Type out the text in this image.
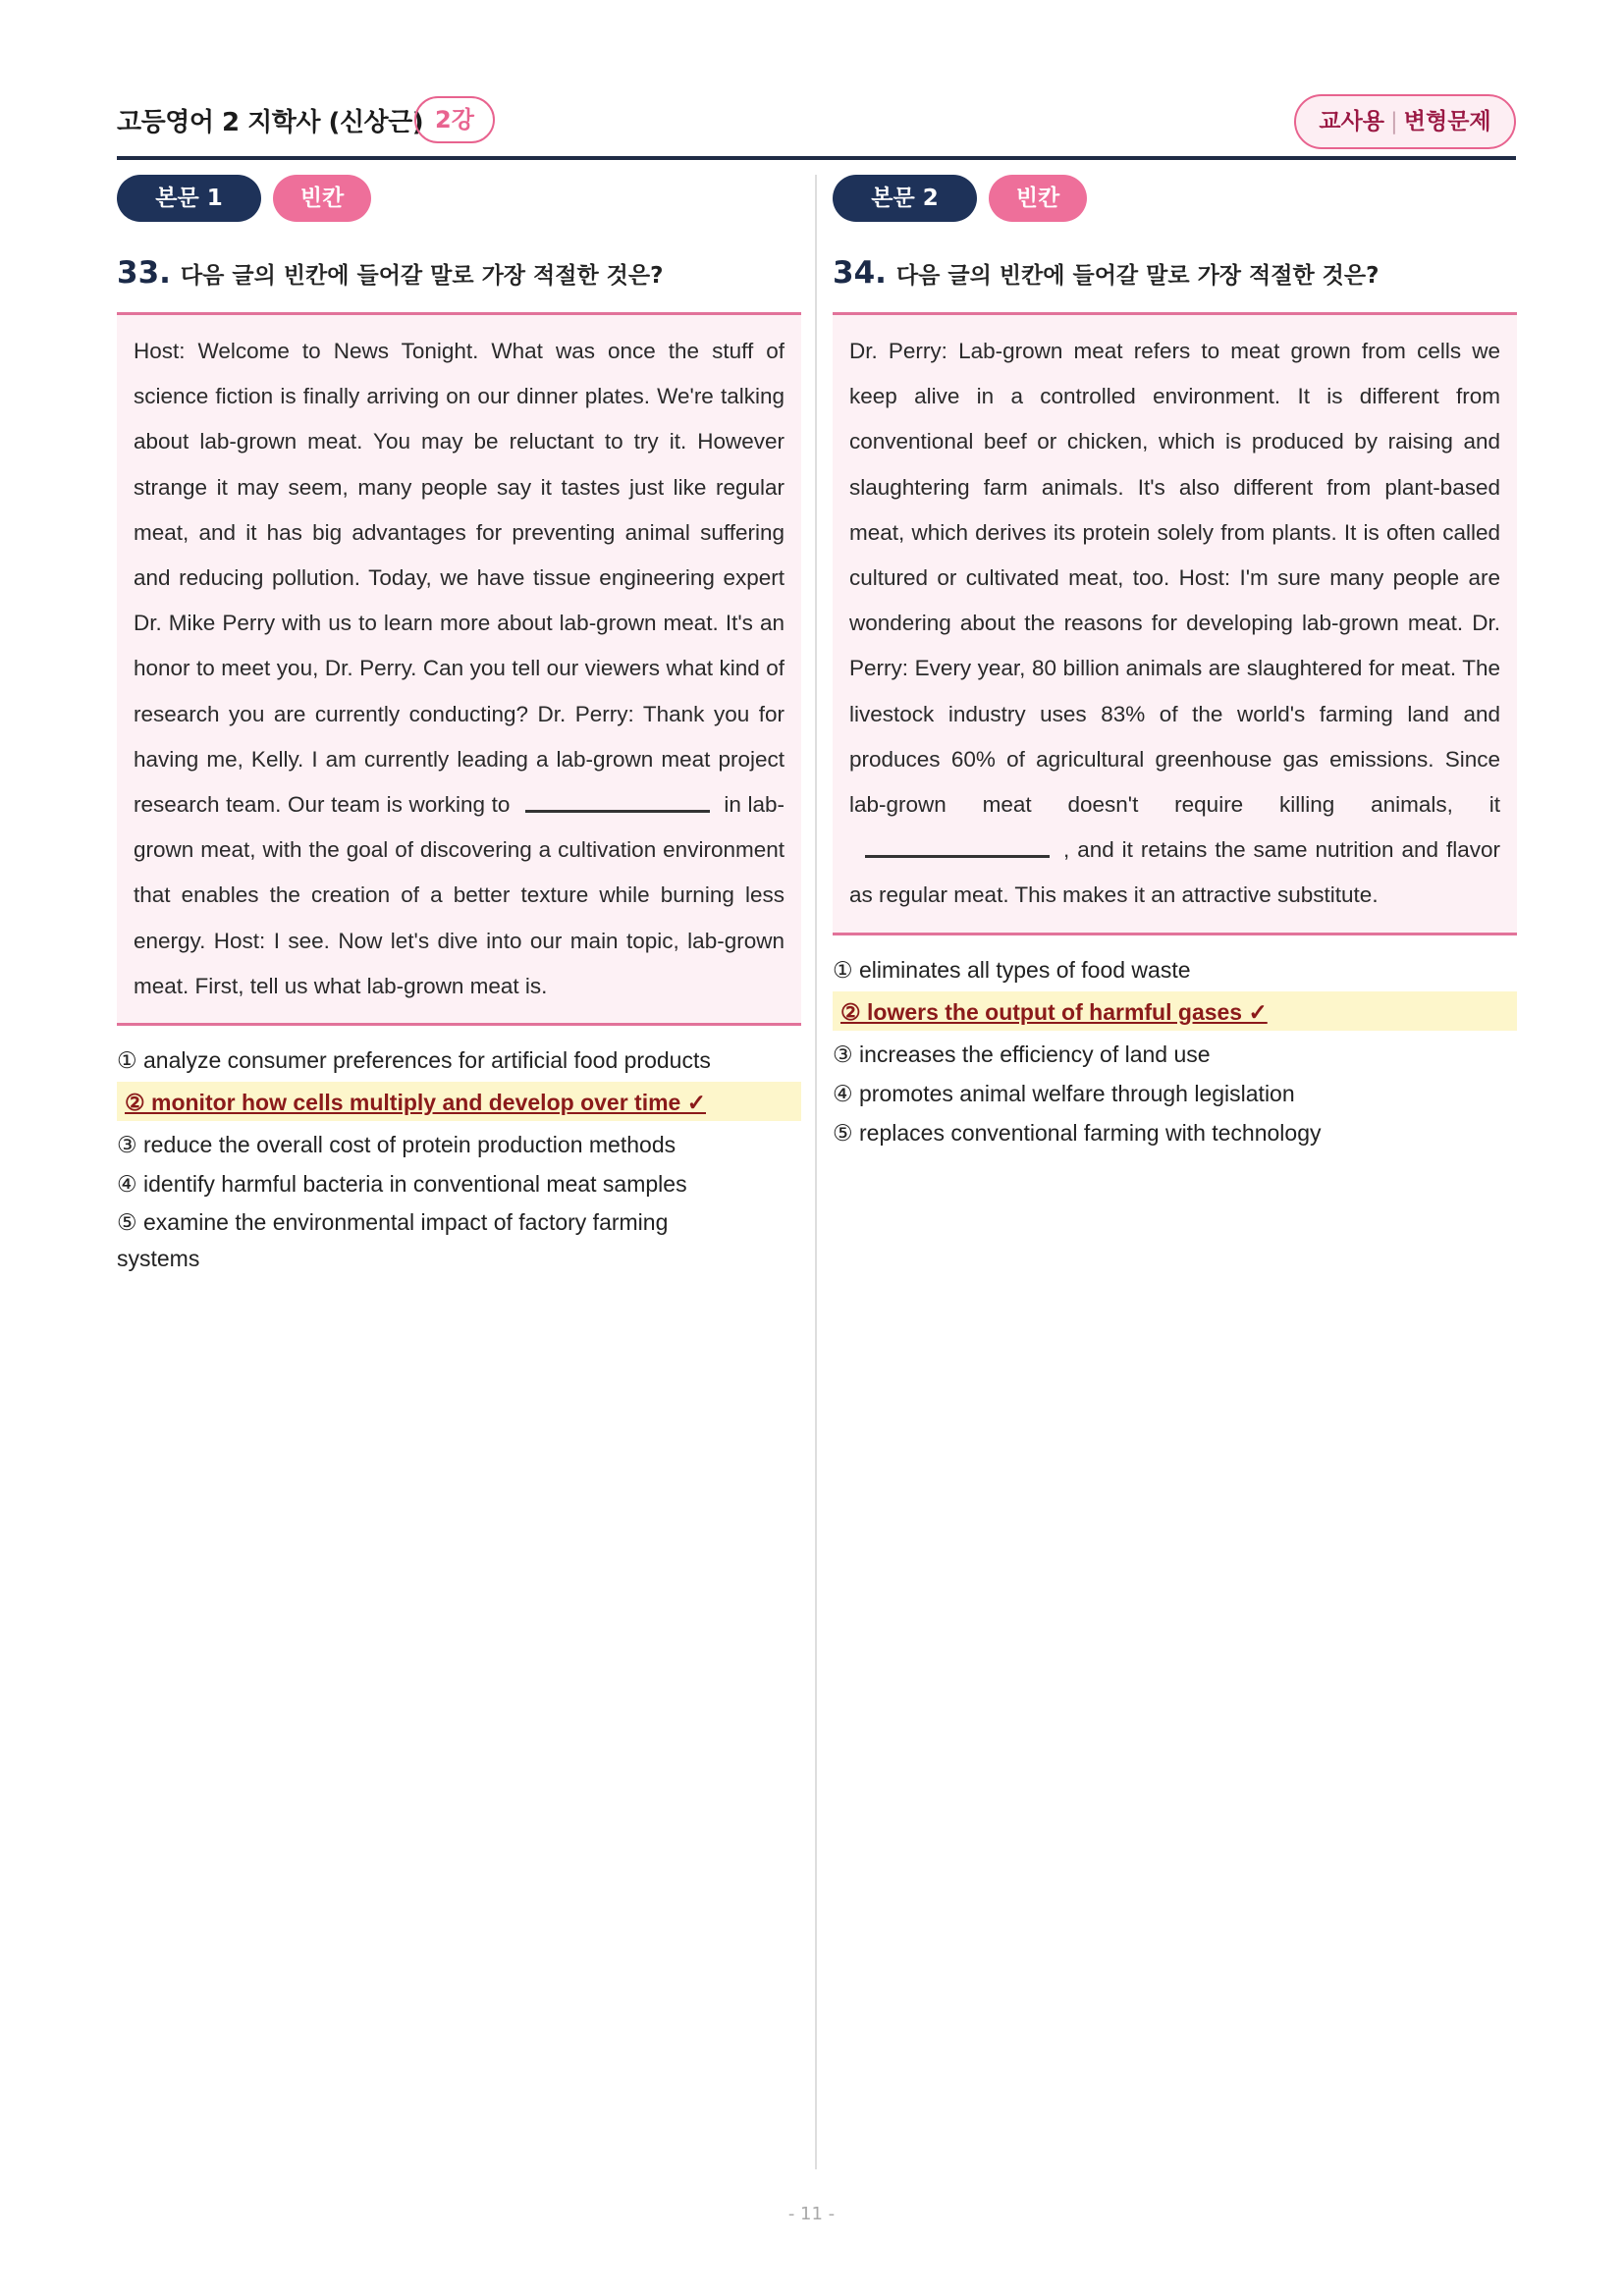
고등영어 2 지학사 (신상근) 2강	교사용 | 변형문제
본문 1	빈칸
33. 다음 글의 빈칸에 들어갈 말로 가장 적절한 것은?
Host: Welcome to News Tonight. What was once the stuff of science fiction is finally arriving on our dinner plates. We're talking about lab-grown meat. You may be reluctant to try it. However strange it may seem, many people say it tastes just like regular meat, and it has big advantages for preventing animal suffering and reducing pollution. Today, we have tissue engineering expert Dr. Mike Perry with us to learn more about lab-grown meat. It's an honor to meet you, Dr. Perry. Can you tell our viewers what kind of research you are currently conducting? Dr. Perry: Thank you for having me, Kelly. I am currently leading a lab-grown meat project research team. Our team is working to	in lab-grown meat, with the goal of discovering a cultivation environment that enables the creation of a better texture while burning less energy. Host: I see. Now let's dive into our main topic, lab-grown meat. First, tell us what lab-grown meat is.
① analyze consumer preferences for artificial food products
② monitor how cells multiply and develop over time ✓
③ reduce the overall cost of protein production methods
④ identify harmful bacteria in conventional meat samples
⑤ examine the environmental impact of factory farming systems
본문 2	빈칸
34. 다음 글의 빈칸에 들어갈 말로 가장 적절한 것은?
Dr. Perry: Lab-grown meat refers to meat grown from cells we keep alive in a controlled environment. It is different from conventional beef or chicken, which is produced by raising and slaughtering farm animals. It's also different from plant-based meat, which derives its protein solely from plants. It is often called cultured or cultivated meat, too. Host: I'm sure many people are wondering about the reasons for developing lab-grown meat. Dr. Perry: Every year, 80 billion animals are slaughtered for meat. The livestock industry uses 83% of the world's farming land and produces 60% of agricultural greenhouse gas emissions. Since lab-grown meat doesn't require killing animals, it, and it retains the same nutrition and flavor as regular meat. This makes it an attractive substitute.
① eliminates all types of food waste
② lowers the output of harmful gases ✓
③ increases the efficiency of land use
④ promotes animal welfare through legislation
⑤ replaces conventional farming with technology
- 11 -
